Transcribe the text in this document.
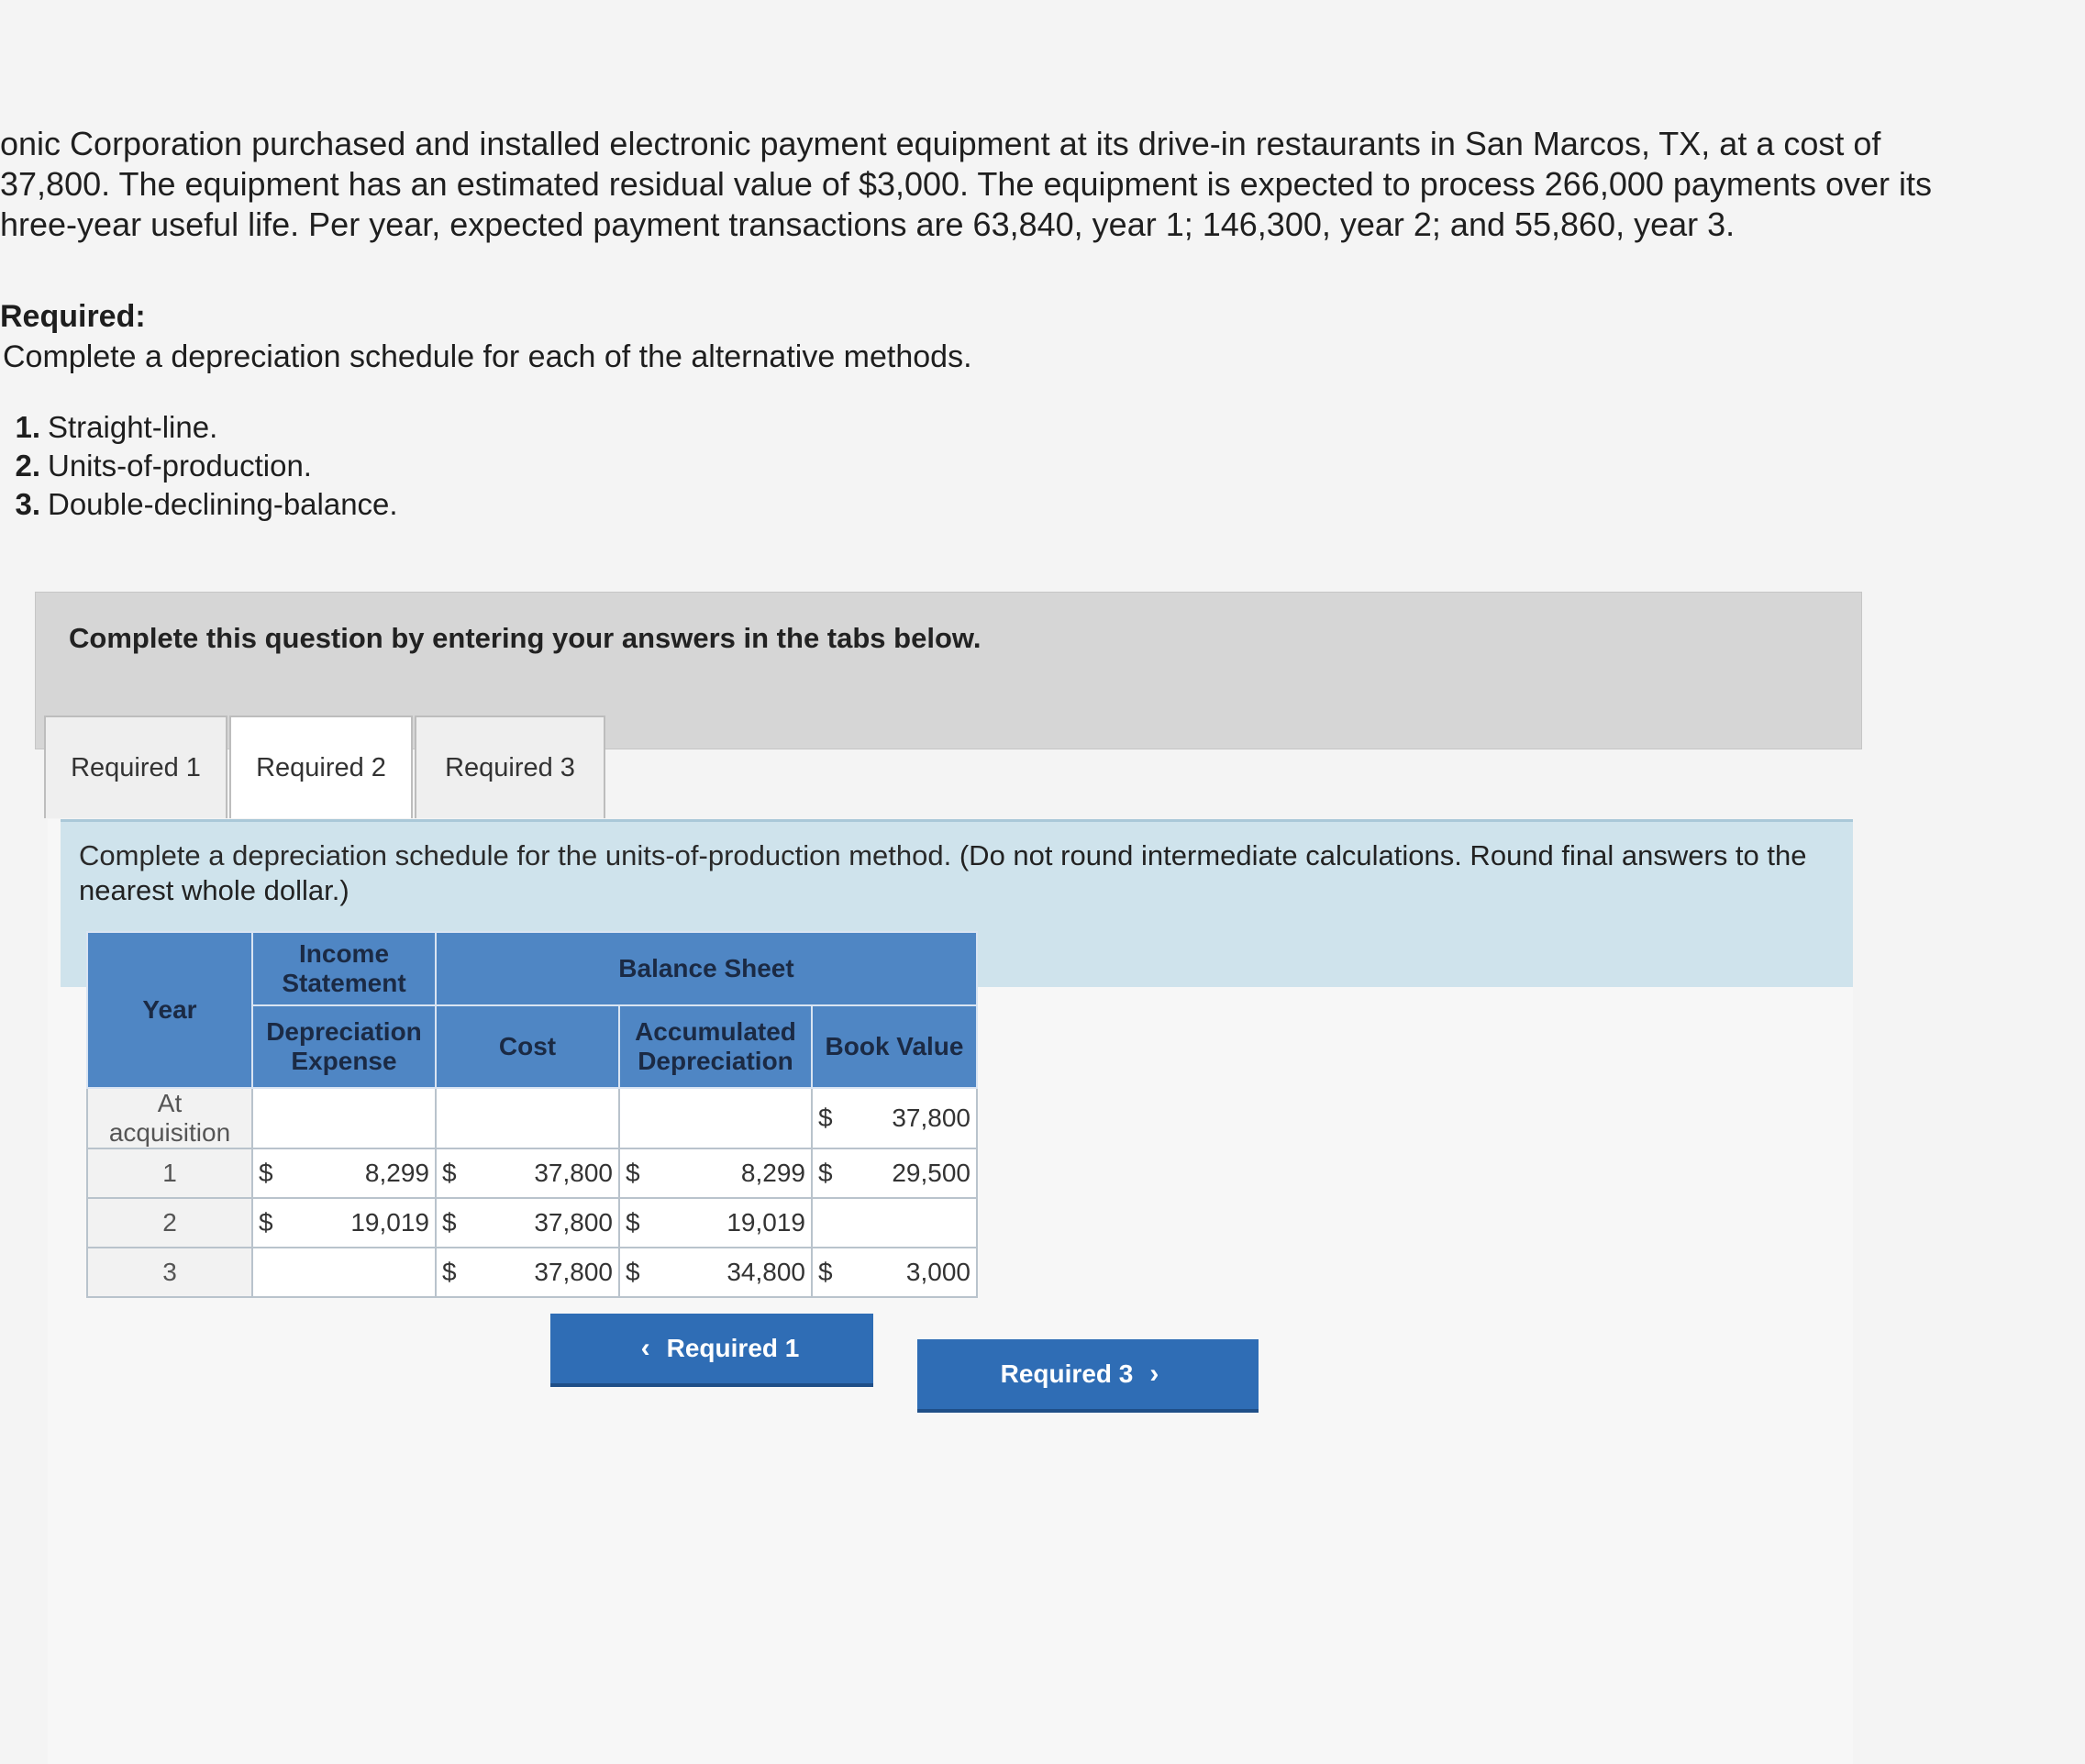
onic Corporation purchased and installed electronic payment equipment at its drive-in restaurants in San Marcos, TX, at a cost of

37,800. The equipment has an estimated residual value of $3,000. The equipment is expected to process 266,000 payments over its

hree-year useful life. Per year, expected payment transactions are 63,840, year 1; 146,300, year 2; and 55,860, year 3.

Required:
Complete a depreciation schedule for each of the alternative methods.
1. Straight-line.
2. Units-of-production.
3. Double-declining-balance.
Complete this question by entering your answers in the tabs below.
Required 1	Required 2	Required 3
Complete a depreciation schedule for the units-of-production method. (Do not round intermediate calculations. Round final answers to the nearest whole dollar.)
Year	Income Statement	Balance Sheet		
	Depreciation Expense	Cost	Accumulated Depreciation	Book Value
At acquisition				$ 37,800

1	$ 8,299	$ 37,800	$ 8,299	$ 29,500

2	$ 19,019	$ 37,800	$ 19,019	

3		$ 37,800	$ 34,800	$ 3,000
‹ Required 1
Required 3 ›
